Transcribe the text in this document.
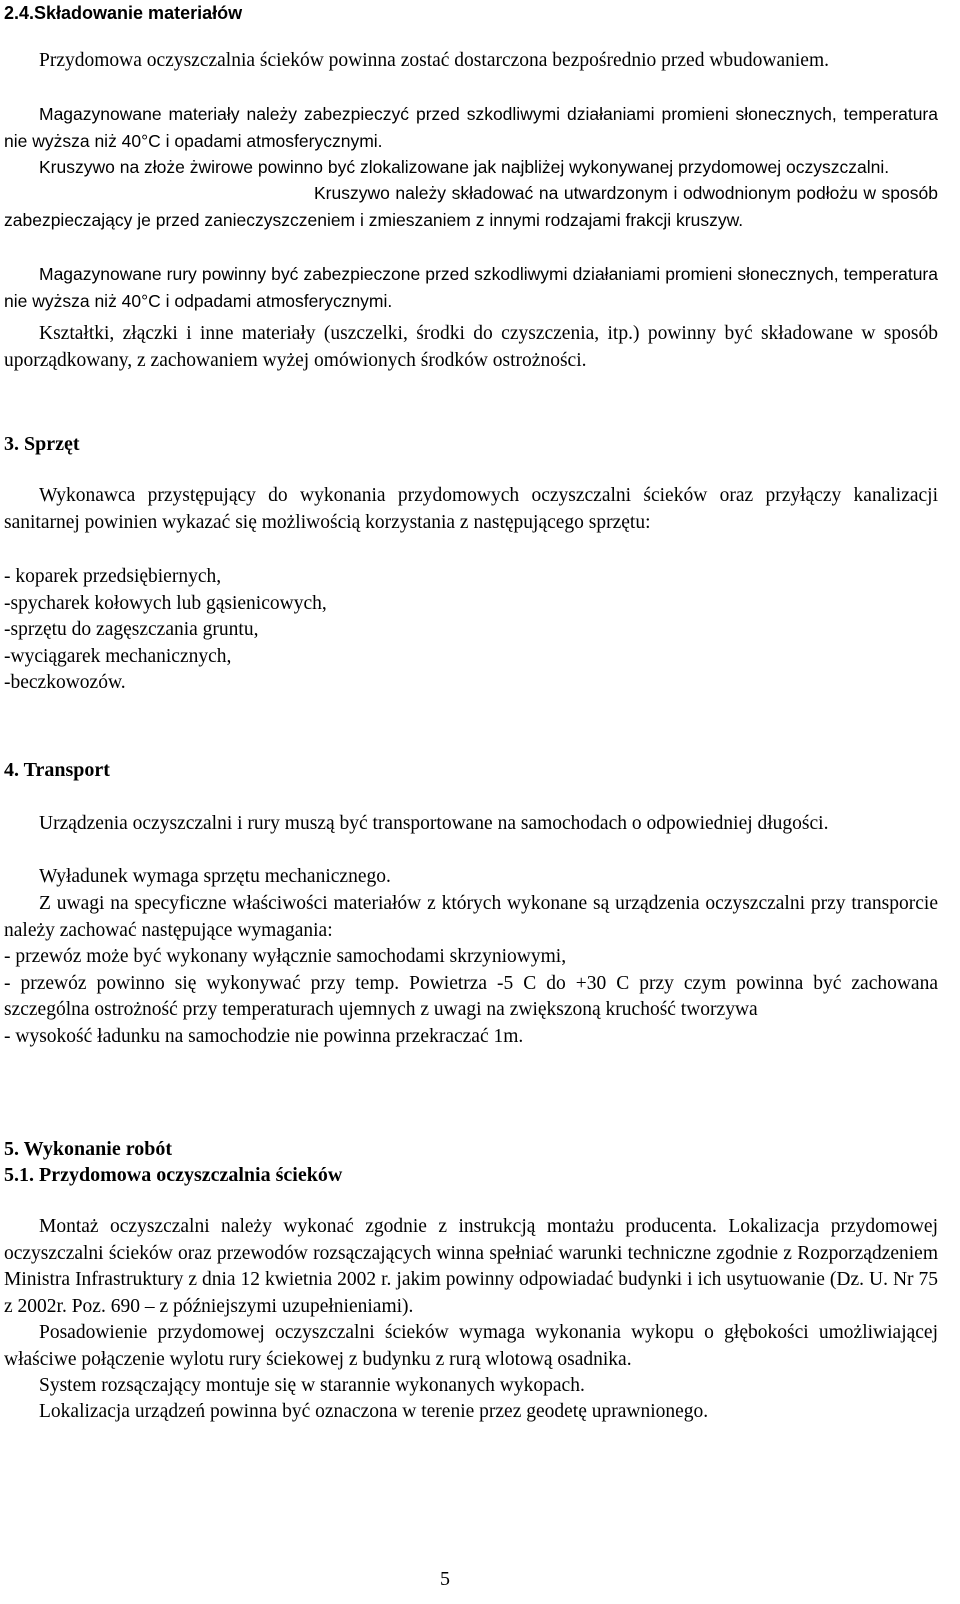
2.4.Składowanie materiałów
Przydomowa oczyszczalnia ścieków powinna zostać dostarczona bezpośrednio przed wbudowaniem.
Magazynowane materiały należy zabezpieczyć przed szkodliwymi działaniami promieni słonecznych, temperatura nie wyższa niż 40°C i opadami atmosferycznymi.
Kruszywo na złoże żwirowe powinno być zlokalizowane jak najbliżej wykonywanej przydomowej oczyszczalni.
Kruszywo należy składować na utwardzonym i odwodnionym podłożu w sposób zabezpieczający je przed zanieczyszczeniem i zmieszaniem z innymi rodzajami frakcji kruszyw.
Magazynowane rury powinny być zabezpieczone przed szkodliwymi działaniami promieni słonecznych, temperatura nie wyższa niż 40°C i odpadami atmosferycznymi.
Kształtki, złączki i inne materiały (uszczelki, środki do czyszczenia, itp.) powinny być składowane w sposób uporządkowany, z zachowaniem wyżej omówionych środków ostrożności.
3. Sprzęt
Wykonawca przystępujący do wykonania przydomowych oczyszczalni ścieków oraz przyłączy kanalizacji sanitarnej powinien wykazać się możliwością korzystania z następującego sprzętu:

- koparek przedsiębiernych,

-spycharek kołowych lub gąsienicowych,

-sprzętu do zagęszczania gruntu,

-wyciągarek mechanicznych,

-beczkowozów.

4. Transport
Urządzenia oczyszczalni i rury muszą być transportowane na samochodach o odpowiedniej długości.
Wyładunek wymaga sprzętu mechanicznego.
Z uwagi na specyficzne właściwości materiałów z których wykonane są urządzenia oczyszczalni przy transporcie należy zachować następujące wymagania:

- przewóz może być wykonany wyłącznie samochodami skrzyniowymi,

- przewóz powinno się wykonywać przy temp. Powietrza -5 C do +30 C przy czym powinna być zachowana szczególna ostrożność przy temperaturach ujemnych z uwagi na zwiększoną kruchość tworzywa

- wysokość ładunku na samochodzie nie powinna przekraczać 1m.

5. Wykonanie robót
5.1. Przydomowa oczyszczalnia ścieków
Montaż oczyszczalni należy wykonać zgodnie z instrukcją montażu producenta. Lokalizacja przydomowej oczyszczalni ścieków oraz przewodów rozsączających winna spełniać warunki techniczne zgodnie z Rozporządzeniem Ministra Infrastruktury z dnia 12 kwietnia 2002 r. jakim powinny odpowiadać budynki i ich usytuowanie (Dz. U. Nr 75 z 2002r. Poz. 690 – z późniejszymi uzupełnieniami).
Posadowienie przydomowej oczyszczalni ścieków wymaga wykonania wykopu o głębokości umożliwiającej właściwe połączenie wylotu rury ściekowej z budynku z rurą wlotową osadnika.
System rozsączający montuje się w starannie wykonanych wykopach.
Lokalizacja urządzeń powinna być oznaczona w terenie przez geodetę uprawnionego.
5
